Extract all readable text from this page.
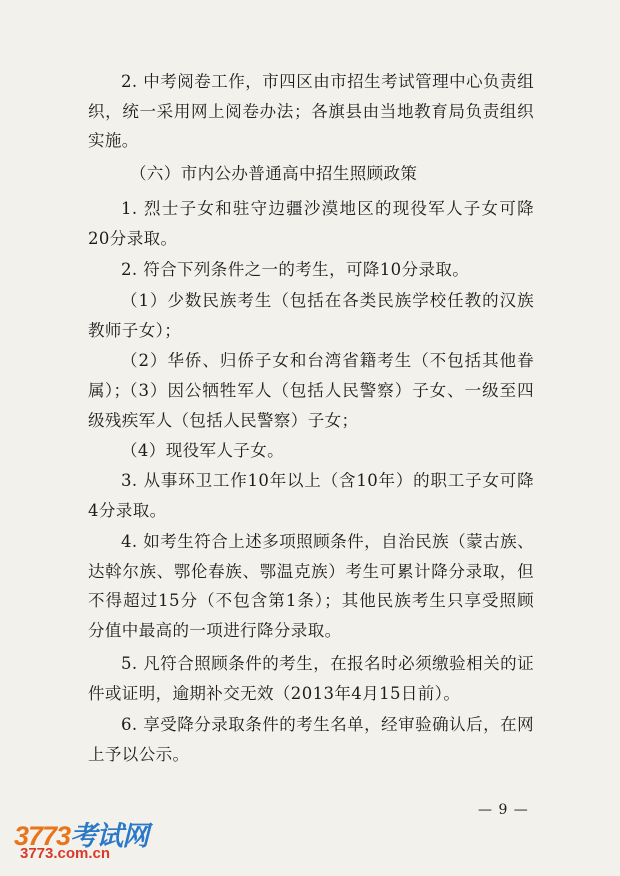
2. 中考阅卷工作，市四区由市招生考试管理中心负责组织，统一采用网上阅卷办法；各旗县由当地教育局负责组织实施。
（六）市内公办普通高中招生照顾政策
1. 烈士子女和驻守边疆沙漠地区的现役军人子女可降20分录取。
2. 符合下列条件之一的考生，可降10分录取。
（1）少数民族考生（包括在各类民族学校任教的汉族教师子女）；
（2）华侨、归侨子女和台湾省籍考生（不包括其他眷属）；
（3）因公牺牲军人（包括人民警察）子女、一级至四级残疾军人（包括人民警察）子女；
（4）现役军人子女。
3. 从事环卫工作10年以上（含10年）的职工子女可降4分录取。
4. 如考生符合上述多项照顾条件，自治民族（蒙古族、达斡尔族、鄂伦春族、鄂温克族）考生可累计降分录取，但不得超过15分（不包含第1条）；其他民族考生只享受照顾分值中最高的一项进行降分录取。
5. 凡符合照顾条件的考生，在报名时必须缴验相关的证件或证明，逾期补交无效（2013年4月15日前）。
6. 享受降分录取条件的考生名单，经审验确认后，在网上予以公示。
— 9 —
3773考试网
3773.com.cn
